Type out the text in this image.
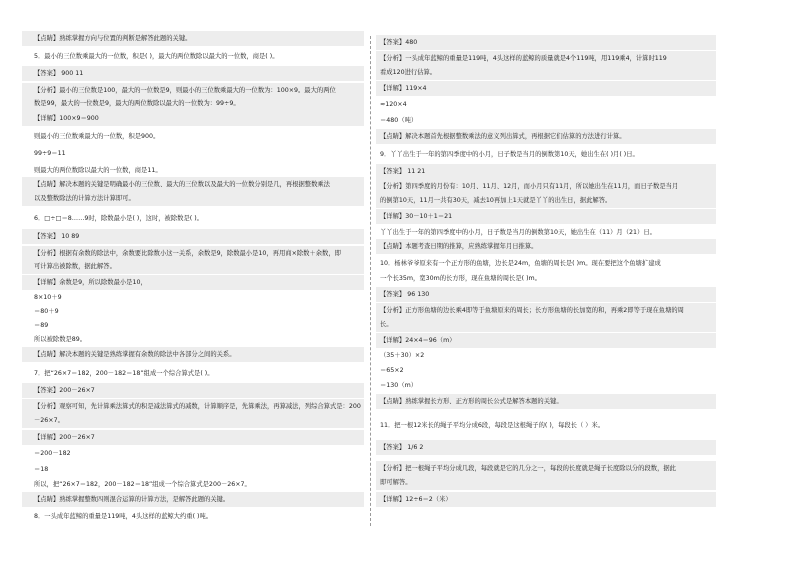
【点睛】熟练掌握方向与位置的判断是解答此题的关键。
5．最小的三位数乘最大的一位数，积是( )，最大的两位数除以最大的一位数，商是( )。
【答案】 900 11
【分析】最小的三位数是100，最大的一位数是9，则最小的三位数乘最大的一位数为：100×9。最大的两位
数是99，最大的一位数是9，最大的两位数除以最大的一位数为：99÷9。
【详解】100×9＝900
则最小的三位数乘最大的一位数，积是900。
99÷9＝11
则最大的两位数除以最大的一位数，商是11。
【点睛】解决本题的关键是明确最小的三位数、最大的三位数以及最大的一位数分别是几，再根据整数乘法
以及整数除法的计算方法计算即可。
6．□÷□＝8……9时，除数最小是( )，这时，被除数是( )。
【答案】 10 89
【分析】根据有余数的除法中，余数要比除数小这一关系，余数是9，除数最小是10，再用商×除数＋余数，即
可计算出被除数，据此解答。
【详解】余数是9，所以除数最小是10，
8×10＋9
＝80＋9
＝89
所以被除数是89。
【点睛】解决本题的关键是熟练掌握有余数的除法中各部分之间的关系。
7．把“26×7＝182，200－182＝18”组成一个综合算式是( )。
【答案】200－26×7
【分析】观察可知，先计算乘法算式的积是减法算式的减数，计算顺序是，先算乘法，再算减法，列综合算式是：200
－26×7。
【详解】200－26×7
＝200－182
＝18
所以，把“26×7＝182，200－182＝18”组成一个综合算式是200－26×7。
【点睛】熟练掌握整数四则混合运算的计算方法，是解答此题的关键。
8．一头成年蓝鲸的重量是119吨，4头这样的蓝鲸大约重( )吨。
【答案】480
【分析】一头成年蓝鲸的重量是119吨，4头这样的蓝鲸的质量就是4个119吨，用119乘4，计算时119
看成120进行估算。
【详解】119×4
≈120×4
＝480（吨）
【点睛】解决本题首先根据整数乘法的意义列出算式，再根据它们估算的方法进行计算。
9．丫丫出生于一年的第四季度中的小月，日子数是当月的倒数第10天，她出生在( )月( )日。
【答案】 11 21
【分析】第四季度的月份有：10月、11月、12月，而小月只有11月，所以她出生在11月，而日子数是当月
的倒第10天，11月一共有30天，减去10再加上1天就是丫丫的出生日，据此解答。
【详解】30－10＋1＝21
丫丫出生于一年的第四季度中的小月，日子数是当月的倒数第10天，她出生在（11）月（21）日。
【点睛】本题考查日期的推算，应熟练掌握年月日推算。
10．杨林爷爷原来有一个正方形的鱼塘，边长是24m，鱼塘的周长是( )m。现在要把这个鱼塘扩建成
一个长35m，宽30m的长方形，现在鱼塘的周长是( )m。
【答案】 96 130
【分析】正方形鱼塘的边长乘4即等于鱼塘原来的周长；长方形鱼塘的长加宽的和，再乘2即等于现在鱼塘的周
长。
【详解】24×4＝96（m）
（35＋30）×2
＝65×2
＝130（m）
【点睛】熟练掌握长方形、正方形的周长公式是解答本题的关键。
11．把一根12米长的绳子平均分成6段，每段是这根绳子的( )，每段长（ ）米。
【答案】 1/6 2
【分析】把一根绳子平均分成几段，每段就是它的几分之一，每段的长度就是绳子长度除以分的段数，据此
即可解答。
【详解】12÷6＝2（米）
